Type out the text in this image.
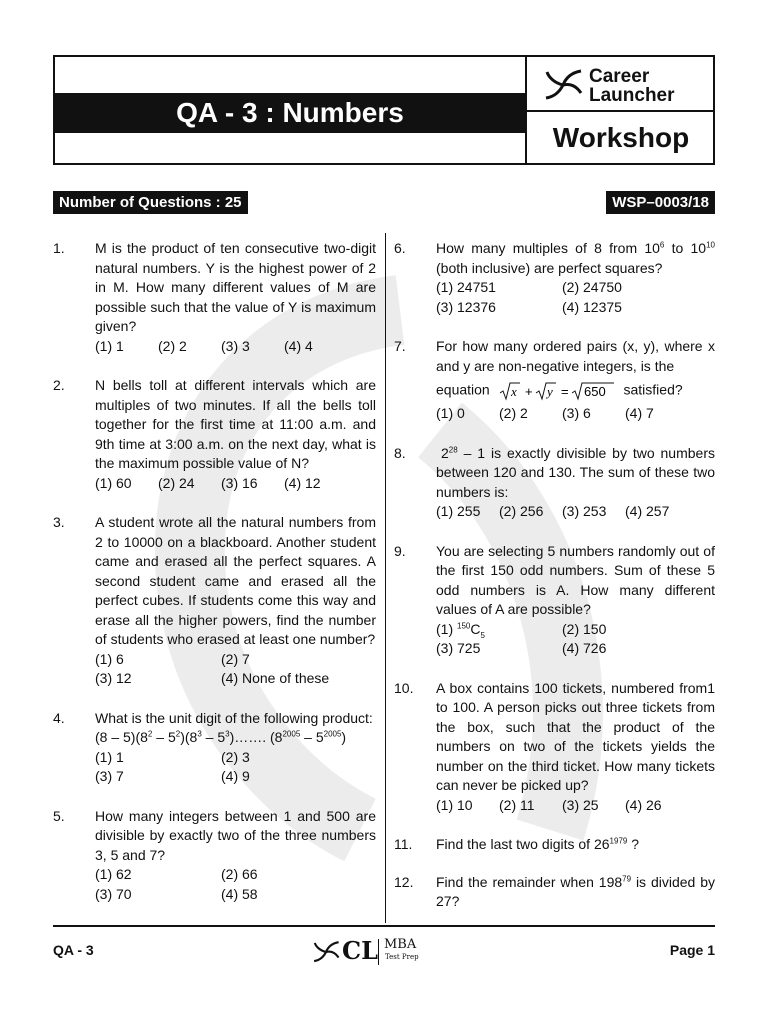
QA - 3 : Numbers
Career
Launcher
Workshop
Number of Questions : 25	WSP–0003/18
1. M is the product of ten consecutive two-digit natural numbers. Y is the highest power of 2 in M. How many different values of M are possible such that the value of Y is maximum given?
(1) 1	(2) 2	(3) 3	(4) 4
2. N bells toll at different intervals which are multiples of two minutes. If all the bells toll together for the first time at 11:00 a.m. and 9th time at 3:00 a.m. on the next day, what is the maximum possible value of N?
(1) 60	(2) 24	(3) 16	(4) 12
3. A student wrote all the natural numbers from 2 to 10000 on a blackboard. Another student came and erased all the perfect squares. A second student came and erased all the perfect cubes. If students come this way and erase all the higher powers, find the number of students who erased at least one number?
(1) 6	(2) 7
(3) 12	(4) None of these
4. What is the unit digit of the following product:
$(8 - 5)(8^2 - 5^2)(8^3$ – $5^3)\dots\dots$. $(8^{2005} - 5^{2005})$
(1) 1	(2) 3
(3) 7	(4) 9
5. How many integers between 1 and 500 are divisible by exactly two of the three numbers 3, 5 and 7?
(1) 62	(2) 66
(3) 70	(4) 58
6. How many multiples of 8 from $10^6$ to $10^{10}$ (both inclusive) are perfect squares?
(1) 24751	(2) 24750
(3) 12376	(4) 12375
7. For how many ordered pairs (x, y), where x and y are non-negative integers, is the
equation x + y = 650 satisfied?
(1) 0	(2) 2	(3) 6	(4) 7
8.	$2^{28} - 1$ is exactly divisible by two numbers between 120 and 130. The sum of these two numbers is:
(1) 255	(2) 256	(3) 253	(4) 257
9. You are selecting 5 numbers randomly out of the first 150 odd numbers. Sum of these 5 odd numbers is A. How many different values of A are possible?
(1) $^{150}C_5$	(2) 150
(3) 725	(4) 726
10. A box contains 100 tickets, numbered from1 to 100. A person picks out three tickets from the box, such that the product of the numbers on two of the tickets yields the number on the third ticket. How many tickets can never be picked up?
(1) 10	(2) 11	(3) 25	(4) 26
11. Find the last two digits of $26^{1979}$ ?
12. Find the remainder when $198^{79}$ is divided by 27?
QA - 3	Page 1
CL MBA
Test Prep
